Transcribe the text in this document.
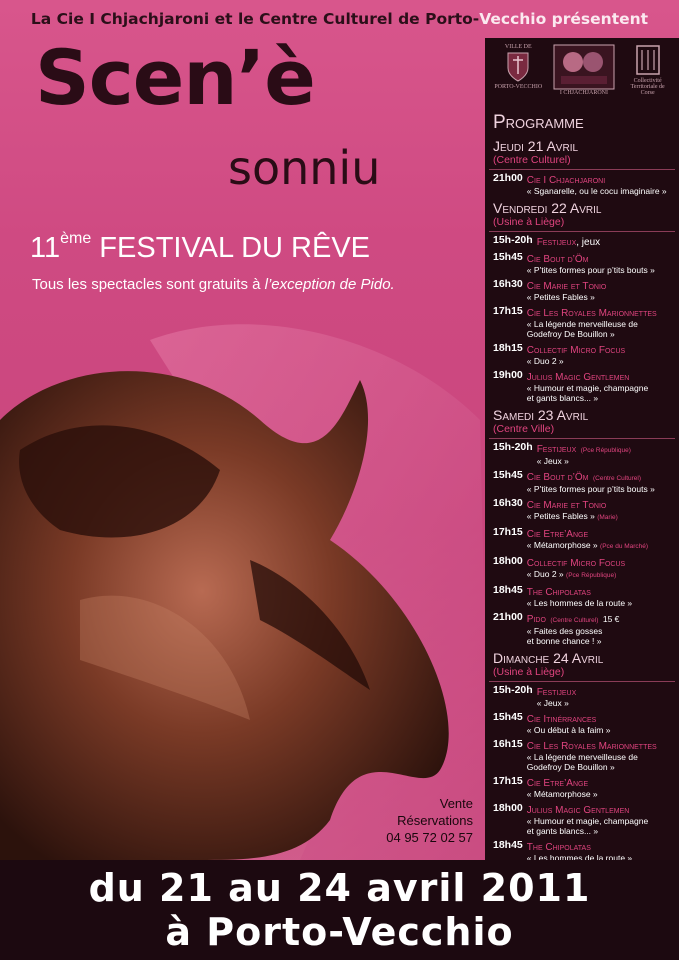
La Cie I Chjachjaroni et le Centre Culturel de Porto- Vecchio présentent
Scen’è
sonniu
11ème FESTIVAL DU RÊVE
Tous les spectacles sont gratuits à l’exception de Pido.
VILLE DE
PORTO-VECCHIO
I CHJACHJARONI
Collectivité Territoriale de Corse
Programme
Jeudi 21 Avril
(Centre Culturel)
21h00 Cie I Chjachjaroni
« Sganarelle, ou le cocu imaginaire »
Vendredi 22 Avril
(Usine à Liège)
15h-20h Festijeux, jeux
15h45 Cie Bout d’Öm
« P’tites formes pour p’tits bouts »
16h30 Cie Marie et Tonio
« Petites Fables »
17h15 Cie Les Royales Marionnettes
« La légende merveilleuse de
Godefroy De Bouillon »
18h15 Collectif Micro Focus
« Duo 2 »
19h00 Julius Magic Gentlemen
« Humour et magie, champagne
et gants blancs... »
Samedi 23 Avril
(Centre Ville)
15h-20h Festijeux (Pce République)
« Jeux »
15h45 Cie Bout d’Öm (Centre Culturel)
« P’tites formes pour p’tits bouts »
16h30 Cie Marie et Tonio
« Petites Fables » (Marie)
17h15 Cie Etre’Ange
« Métamorphose » (Pce du Marché)
18h00 Collectif Micro Focus
« Duo 2 » (Pce République)
18h45 The Chipolatas
« Les hommes de la route »
21h00 Pido (Centre Culturel) 15 €
« Faites des gosses
et bonne chance ! »
Dimanche 24 Avril
(Usine à Liège)
15h-20h Festijeux
« Jeux »
15h45 Cie Itinérrances
« Ou début à la faim »
16h15 Cie Les Royales Marionnettes
« La légende merveilleuse de
Godefroy De Bouillon »
17h15 Cie Etre’Ange
« Métamorphose »
18h00 Julius Magic Gentlemen
« Humour et magie, champagne
et gants blancs... »
18h45 The Chipolatas
« Les hommes de la route »
Vente
Réservations
04 95 72 02 57
du 21 au 24 avril 2011
à Porto-Vecchio
